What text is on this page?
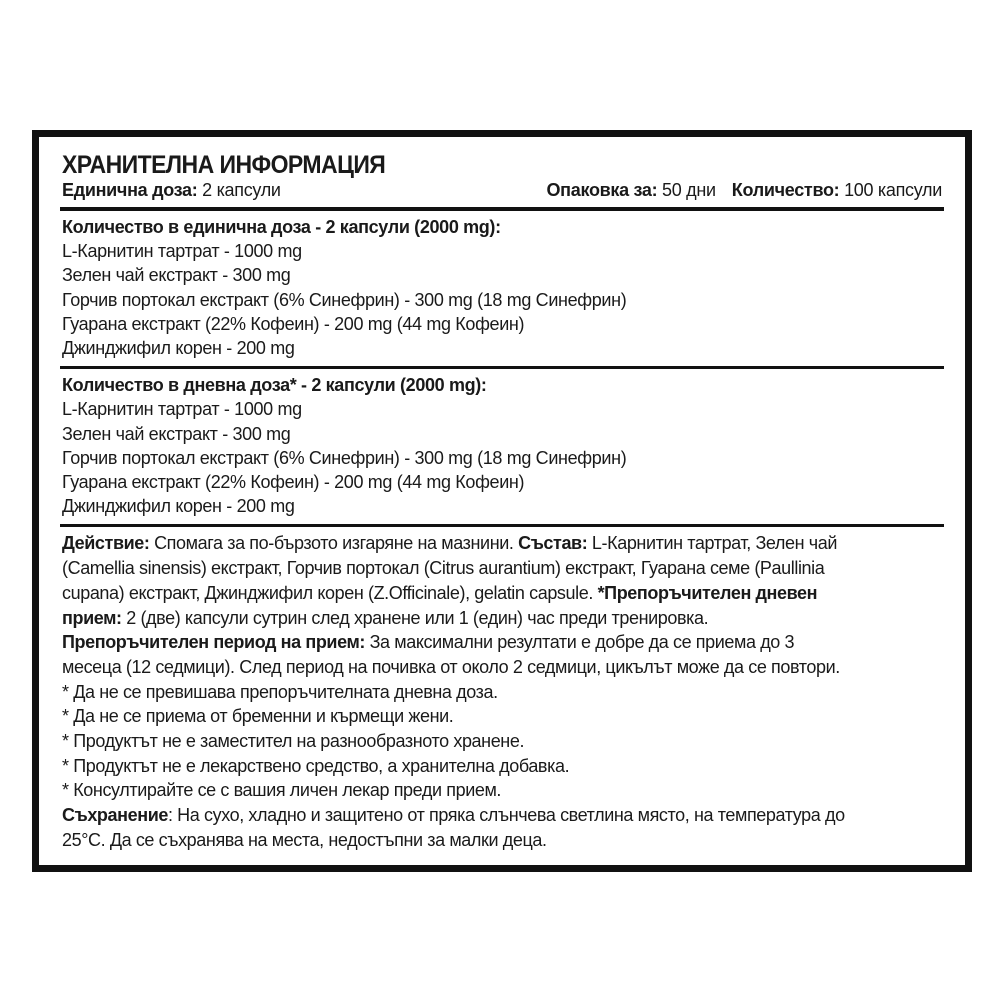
ХРАНИТЕЛНА ИНФОРМАЦИЯ
Единична доза: 2 капсули	Опаковка за: 50 дни Количество: 100 капсули
Количество в единична доза - 2 капсули (2000 mg):
L-Карнитин тартрат - 1000 mg
Зелен чай екстракт - 300 mg
Горчив портокал екстракт (6% Синефрин) - 300 mg (18 mg Синефрин)
Гуарана екстракт (22% Кофеин) - 200 mg (44 mg Кофеин)
Джинджифил корен - 200 mg
Количество в дневна доза* - 2 капсули (2000 mg):
L-Карнитин тартрат - 1000 mg
Зелен чай екстракт - 300 mg
Горчив портокал екстракт (6% Синефрин) - 300 mg (18 mg Синефрин)
Гуарана екстракт (22% Кофеин) - 200 mg (44 mg Кофеин)
Джинджифил корен - 200 mg
Действие: Спомага за по-бързото изгаряне на мазнини. Състав: L-Карнитин тартрат, Зелен чай
(Camellia sinensis) екстракт, Горчив портокал (Citrus aurantium) екстракт, Гуарана семе (Paullinia
cupana) екстракт, Джинджифил корен (Z.Officinale), gelatin capsule. *Препоръчителен дневен
прием: 2 (две) капсули сутрин след хранене или 1 (един) час преди тренировка.
Препоръчителен период на прием: За максимални резултати е добре да се приема до 3
месеца (12 седмици). След период на почивка от около 2 седмици, цикълът може да се повтори.
* Да не се превишава препоръчителната дневна доза.
* Да не се приема от бременни и кърмещи жени.
* Продуктът не е заместител на разнообразното хранене.
* Продуктът не е лекарствено средство, а хранителна добавка.
* Консултирайте се с вашия личен лекар преди прием.
Съхранение: На сухо, хладно и защитено от пряка слънчева светлина място, на температура до
25°C. Да се съхранява на места, недостъпни за малки деца.
